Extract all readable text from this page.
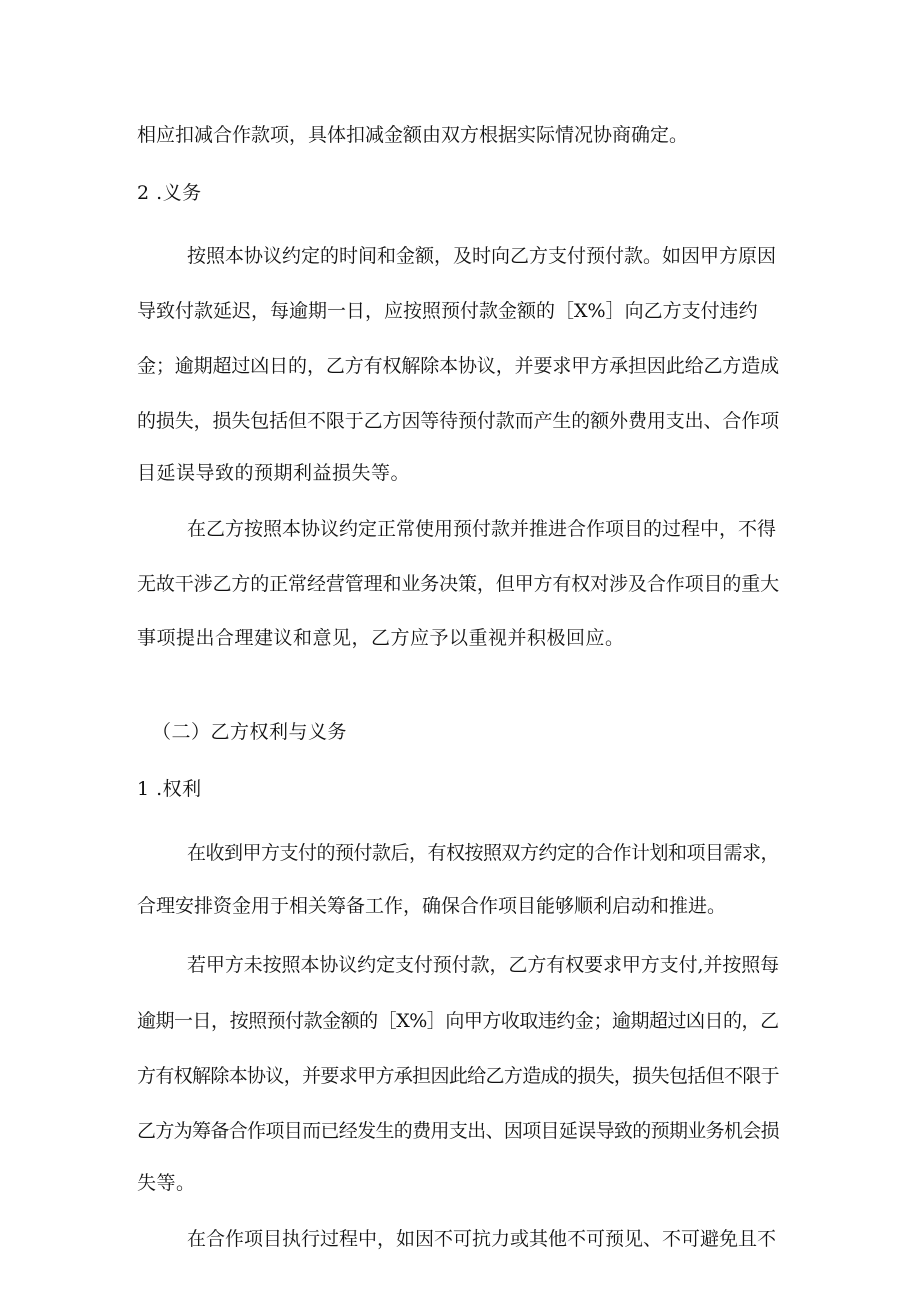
相应扣减合作款项，具体扣减金额由双方根据实际情况协商确定。
2 .义务
按照本协议约定的时间和金额，及时向乙方支付预付款。如因甲方原因
导致付款延迟，每逾期一日，应按照预付款金额的［X%］向乙方支付违约
金；逾期超过凶日的，乙方有权解除本协议，并要求甲方承担因此给乙方造成
的损失，损失包括但不限于乙方因等待预付款而产生的额外费用支出、合作项
目延误导致的预期利益损失等。
在乙方按照本协议约定正常使用预付款并推进合作项目的过程中，不得
无故干涉乙方的正常经营管理和业务决策，但甲方有权对涉及合作项目的重大
事项提出合理建议和意见，乙方应予以重视并积极回应。
（二）乙方权利与义务
1 .权利
在收到甲方支付的预付款后，有权按照双方约定的合作计划和项目需求，
合理安排资金用于相关筹备工作，确保合作项目能够顺利启动和推进。
若甲方未按照本协议约定支付预付款，乙方有权要求甲方支付,并按照每
逾期一日，按照预付款金额的［X%］向甲方收取违约金；逾期超过凶日的，乙
方有权解除本协议，并要求甲方承担因此给乙方造成的损失，损失包括但不限于
乙方为筹备合作项目而已经发生的费用支出、因项目延误导致的预期业务机会损
失等。
在合作项目执行过程中，如因不可抗力或其他不可预见、不可避免且不
